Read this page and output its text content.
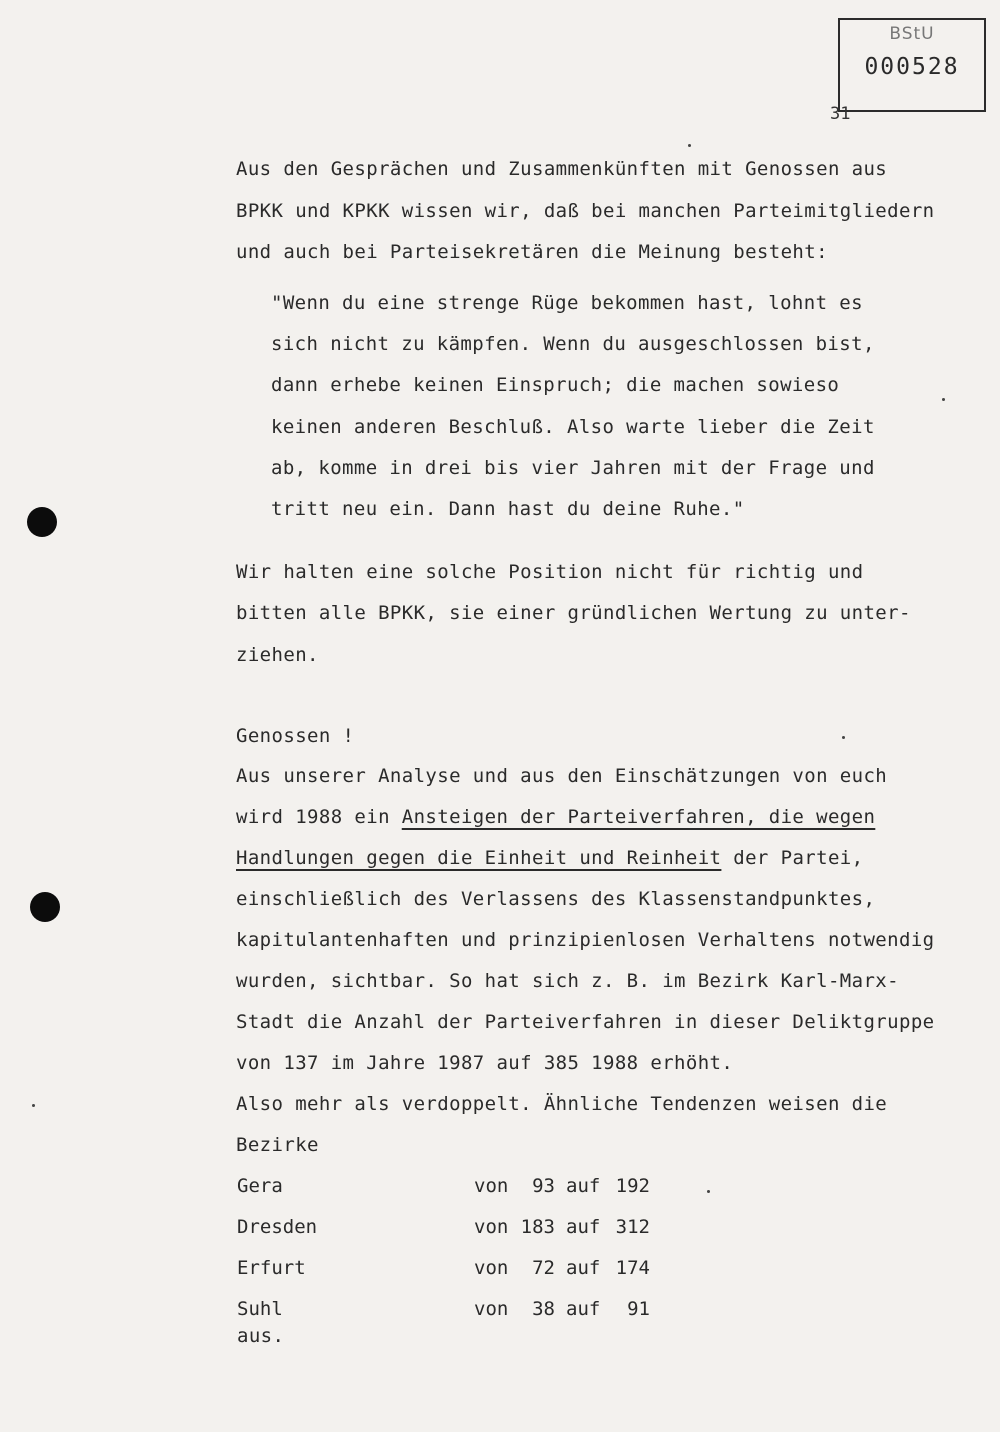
BStU
000528
31
Aus den Gesprächen und Zusammenkünften mit Genossen aus
BPKK und KPKK wissen wir, daß bei manchen Parteimitgliedern
und auch bei Parteisekretären die Meinung besteht:
"Wenn du eine strenge Rüge bekommen hast, lohnt es
sich nicht zu kämpfen. Wenn du ausgeschlossen bist,
dann erhebe keinen Einspruch; die machen sowieso
keinen anderen Beschluß. Also warte lieber die Zeit
ab, komme in drei bis vier Jahren mit der Frage und
tritt neu ein. Dann hast du deine Ruhe."
Wir halten eine solche Position nicht für richtig und
bitten alle BPKK, sie einer gründlichen Wertung zu unter-
ziehen.
Genossen !
Aus unserer Analyse und aus den Einschätzungen von euch
wird 1988 ein Ansteigen der Parteiverfahren, die wegen
Handlungen gegen die Einheit und Reinheit der Partei,
einschließlich des Verlassens des Klassenstandpunktes,
kapitulantenhaften und prinzipienlosen Verhaltens notwendig
wurden, sichtbar. So hat sich z. B. im Bezirk Karl-Marx-
Stadt die Anzahl der Parteiverfahren in dieser Deliktgruppe
von 137 im Jahre 1987 auf 385 1988 erhöht.
Also mehr als verdoppelt. Ähnliche Tendenzen weisen die
Bezirke
Gera	von	93 auf 192
Dresden	von 183 auf 312
Erfurt	von	72 auf 174
Suhl	von	38 auf	91
aus.
